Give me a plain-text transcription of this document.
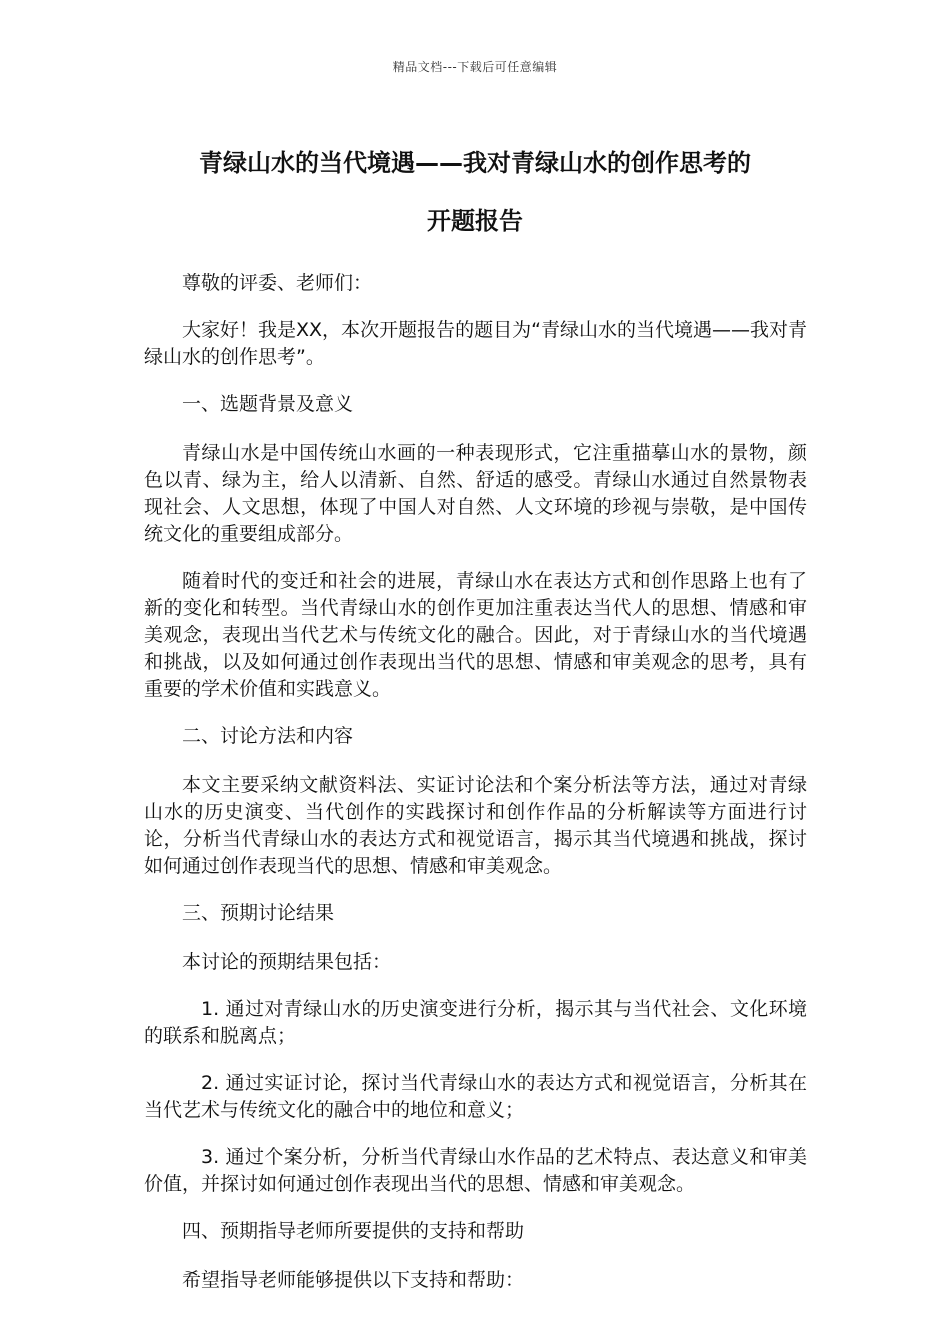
精品文档---下载后可任意编辑
青绿山水的当代境遇——我对青绿山水的创作思考的
开题报告

尊敬的评委、老师们：

大家好！我是XX，本次开题报告的题目为“青绿山水的当代境遇——我对青绿山水的创作思考”。

一、选题背景及意义

青绿山水是中国传统山水画的一种表现形式，它注重描摹山水的景物，颜色以青、绿为主，给人以清新、自然、舒适的感受。青绿山水通过自然景物表现社会、人文思想，体现了中国人对自然、人文环境的珍视与崇敬，是中国传统文化的重要组成部分。

随着时代的变迁和社会的进展，青绿山水在表达方式和创作思路上也有了新的变化和转型。当代青绿山水的创作更加注重表达当代人的思想、情感和审美观念，表现出当代艺术与传统文化的融合。因此，对于青绿山水的当代境遇和挑战，以及如何通过创作表现出当代的思想、情感和审美观念的思考，具有重要的学术价值和实践意义。

二、讨论方法和内容

本文主要采纳文献资料法、实证讨论法和个案分析法等方法，通过对青绿山水的历史演变、当代创作的实践探讨和创作作品的分析解读等方面进行讨论，分析当代青绿山水的表达方式和视觉语言，揭示其当代境遇和挑战，探讨如何通过创作表现当代的思想、情感和审美观念。

三、预期讨论结果

本讨论的预期结果包括：

1. 通过对青绿山水的历史演变进行分析，揭示其与当代社会、文化环境的联系和脱离点；

2. 通过实证讨论，探讨当代青绿山水的表达方式和视觉语言，分析其在当代艺术与传统文化的融合中的地位和意义；

3. 通过个案分析，分析当代青绿山水作品的艺术特点、表达意义和审美价值，并探讨如何通过创作表现出当代的思想、情感和审美观念。

四、预期指导老师所要提供的支持和帮助

希望指导老师能够提供以下支持和帮助：
